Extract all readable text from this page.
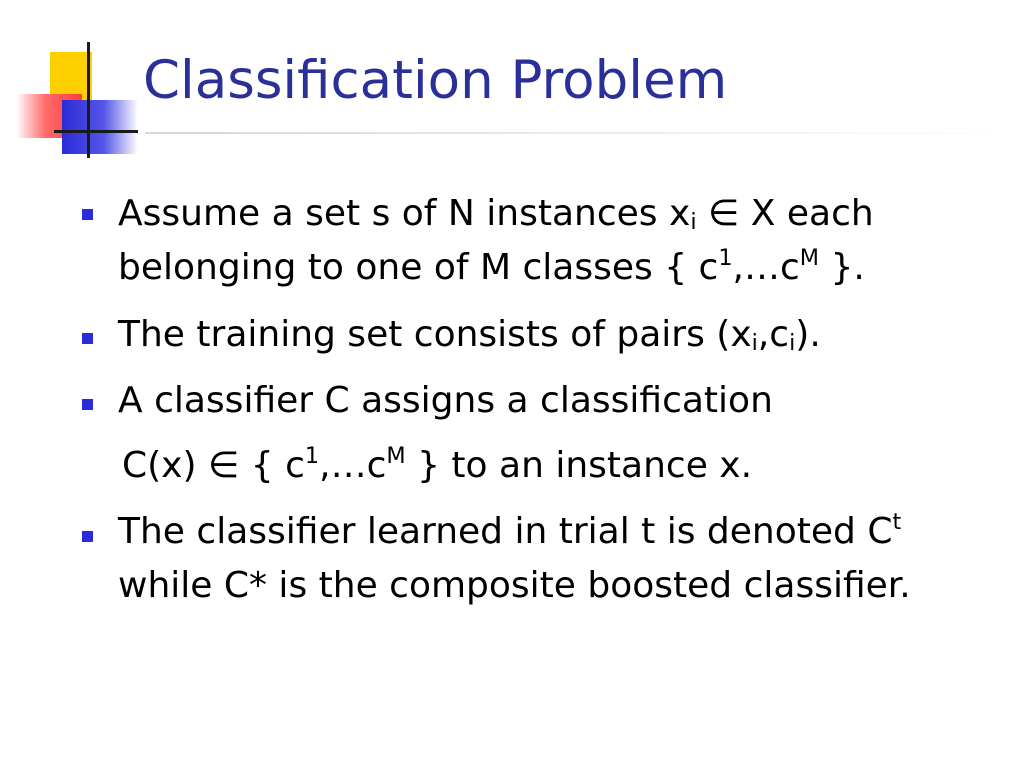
Classification Problem
Assume a set s of N instances $x_i$ ∈ X each
belonging to one of M classes { $c^1,\dots c^M$ }.
The training set consists of pairs $(x_i,c_i)$.
A classifier C assigns a classification
C(x) ∈ { $c^1,\dots c^M$ } to an instance x.
The classifier learned in trial t is denoted $C^t$
while C* is the composite boosted classifier.
